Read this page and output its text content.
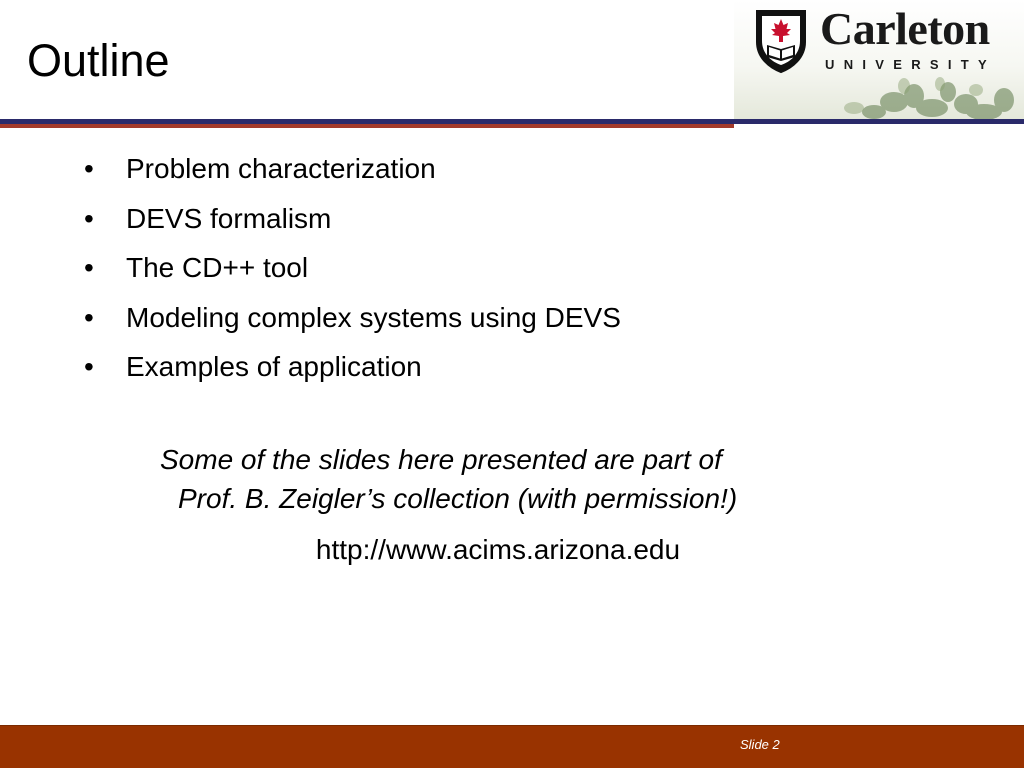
Outline
Carleton
UNIVERSITY
• Problem characterization
• DEVS formalism
• The CD++ tool
• Modeling complex systems using DEVS
• Examples of application
Some of the slides here presented are part of
Prof. B. Zeigler’s collection (with permission!)
http://www.acims.arizona.edu
Slide 2
